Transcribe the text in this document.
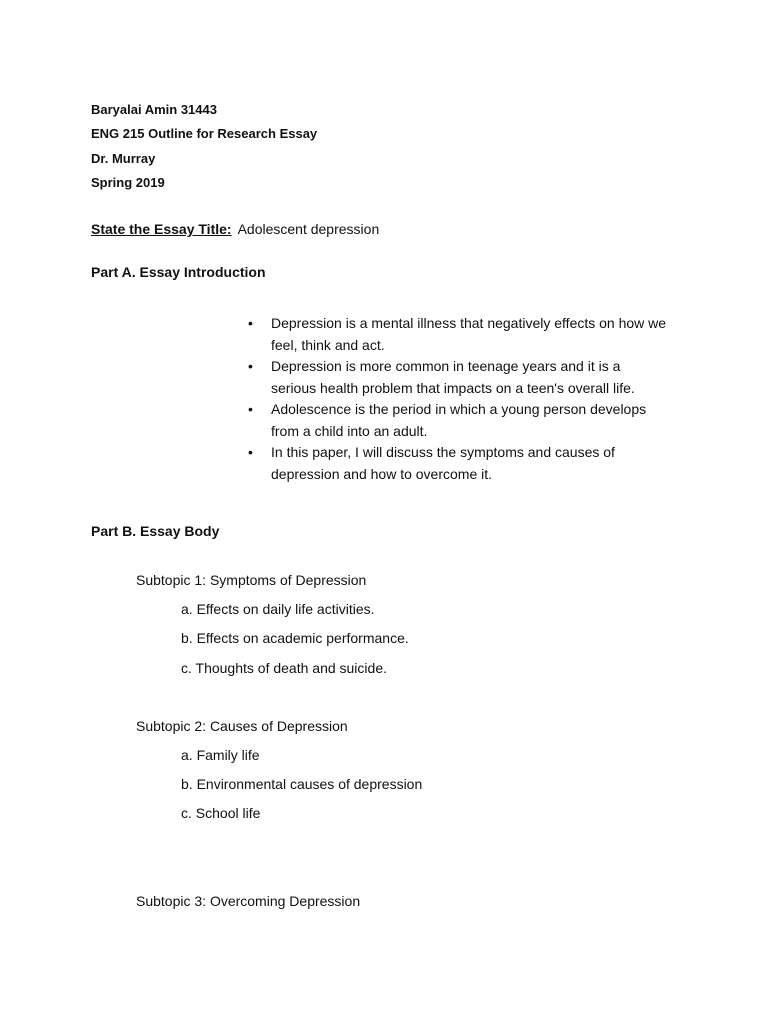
Baryalai Amin 31443
ENG 215 Outline for Research Essay
Dr. Murray
Spring 2019
State the Essay Title: Adolescent depression
Part A. Essay Introduction
• Depression is a mental illness that negatively effects on how we feel, think and act.
• Depression is more common in teenage years and it is a serious health problem that impacts on a teen's overall life.
• Adolescence is the period in which a young person develops from a child into an adult.
• In this paper, I will discuss the symptoms and causes of depression and how to overcome it.
Part B. Essay Body
Subtopic 1: Symptoms of Depression
a. Effects on daily life activities.
b. Effects on academic performance.
c. Thoughts of death and suicide.
Subtopic 2: Causes of Depression
a. Family life
b. Environmental causes of depression
c. School life
Subtopic 3: Overcoming Depression
